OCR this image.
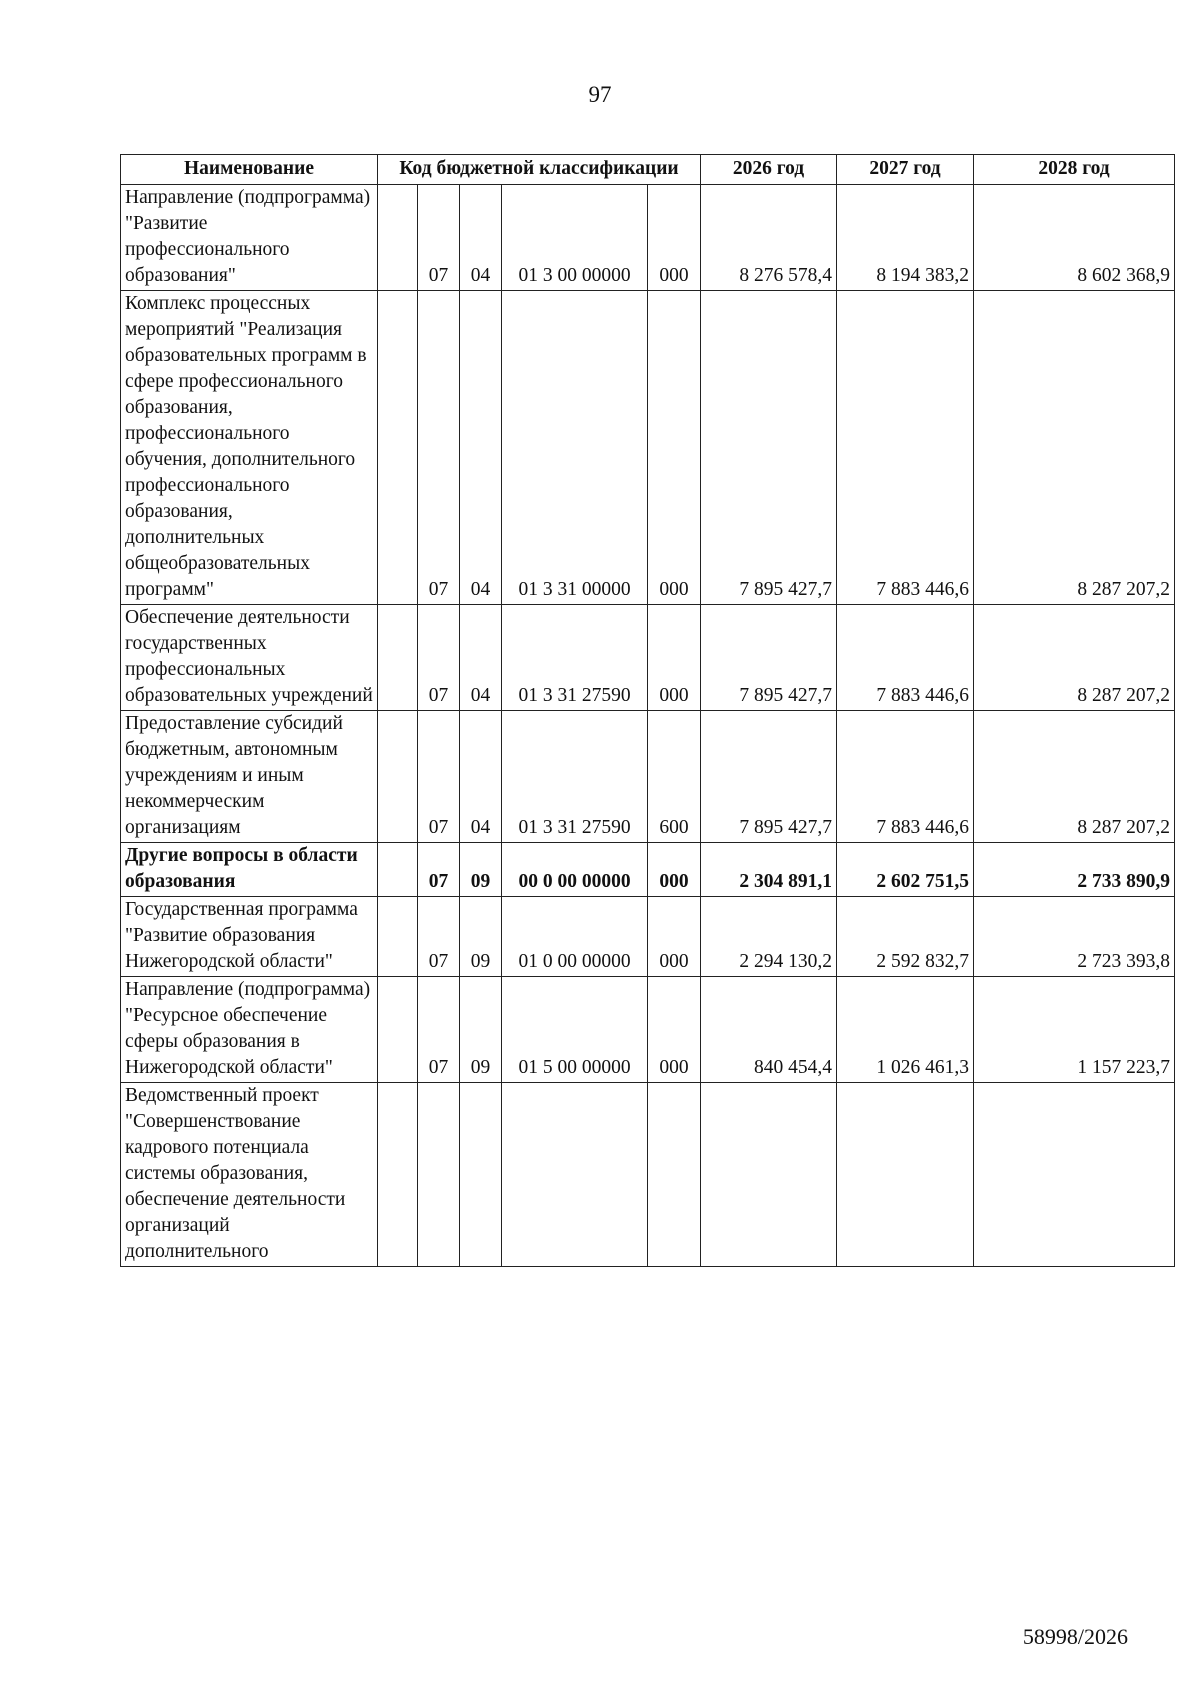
97
Наименование	Код бюджетной классификации					2026 год	2027 год	2028 год
Направление (подпрограмма) "Развитие профессионального образования"		07	04	01 3 00 00000	000	8 276 578,4	8 194 383,2	8 602 368,9
Комплекс процессных мероприятий "Реализация образовательных программ в сфере профессионального образования, профессионального обучения, дополнительного профессионального образования, дополнительных общеобразовательных программ"		07	04	01 3 31 00000	000	7 895 427,7	7 883 446,6	8 287 207,2
Обеспечение деятельности государственных профессиональных образовательных учреждений		07	04	01 3 31 27590	000	7 895 427,7	7 883 446,6	8 287 207,2
Предоставление субсидий бюджетным, автономным учреждениям и иным некоммерческим организациям		07	04	01 3 31 27590	600	7 895 427,7	7 883 446,6	8 287 207,2
Другие вопросы в области образования		07	09	00 0 00 00000	000	2 304 891,1	2 602 751,5	2 733 890,9
Государственная программа "Развитие образования Нижегородской области"		07	09	01 0 00 00000	000	2 294 130,2	2 592 832,7	2 723 393,8
Направление (подпрограмма) "Ресурсное обеспечение сферы образования в Нижегородской области"		07	09	01 5 00 00000	000	840 454,4	1 026 461,3	1 157 223,7
Ведомственный проект "Совершенствование кадрового потенциала системы образования, обеспечение деятельности организаций дополнительного								
58998/2026
